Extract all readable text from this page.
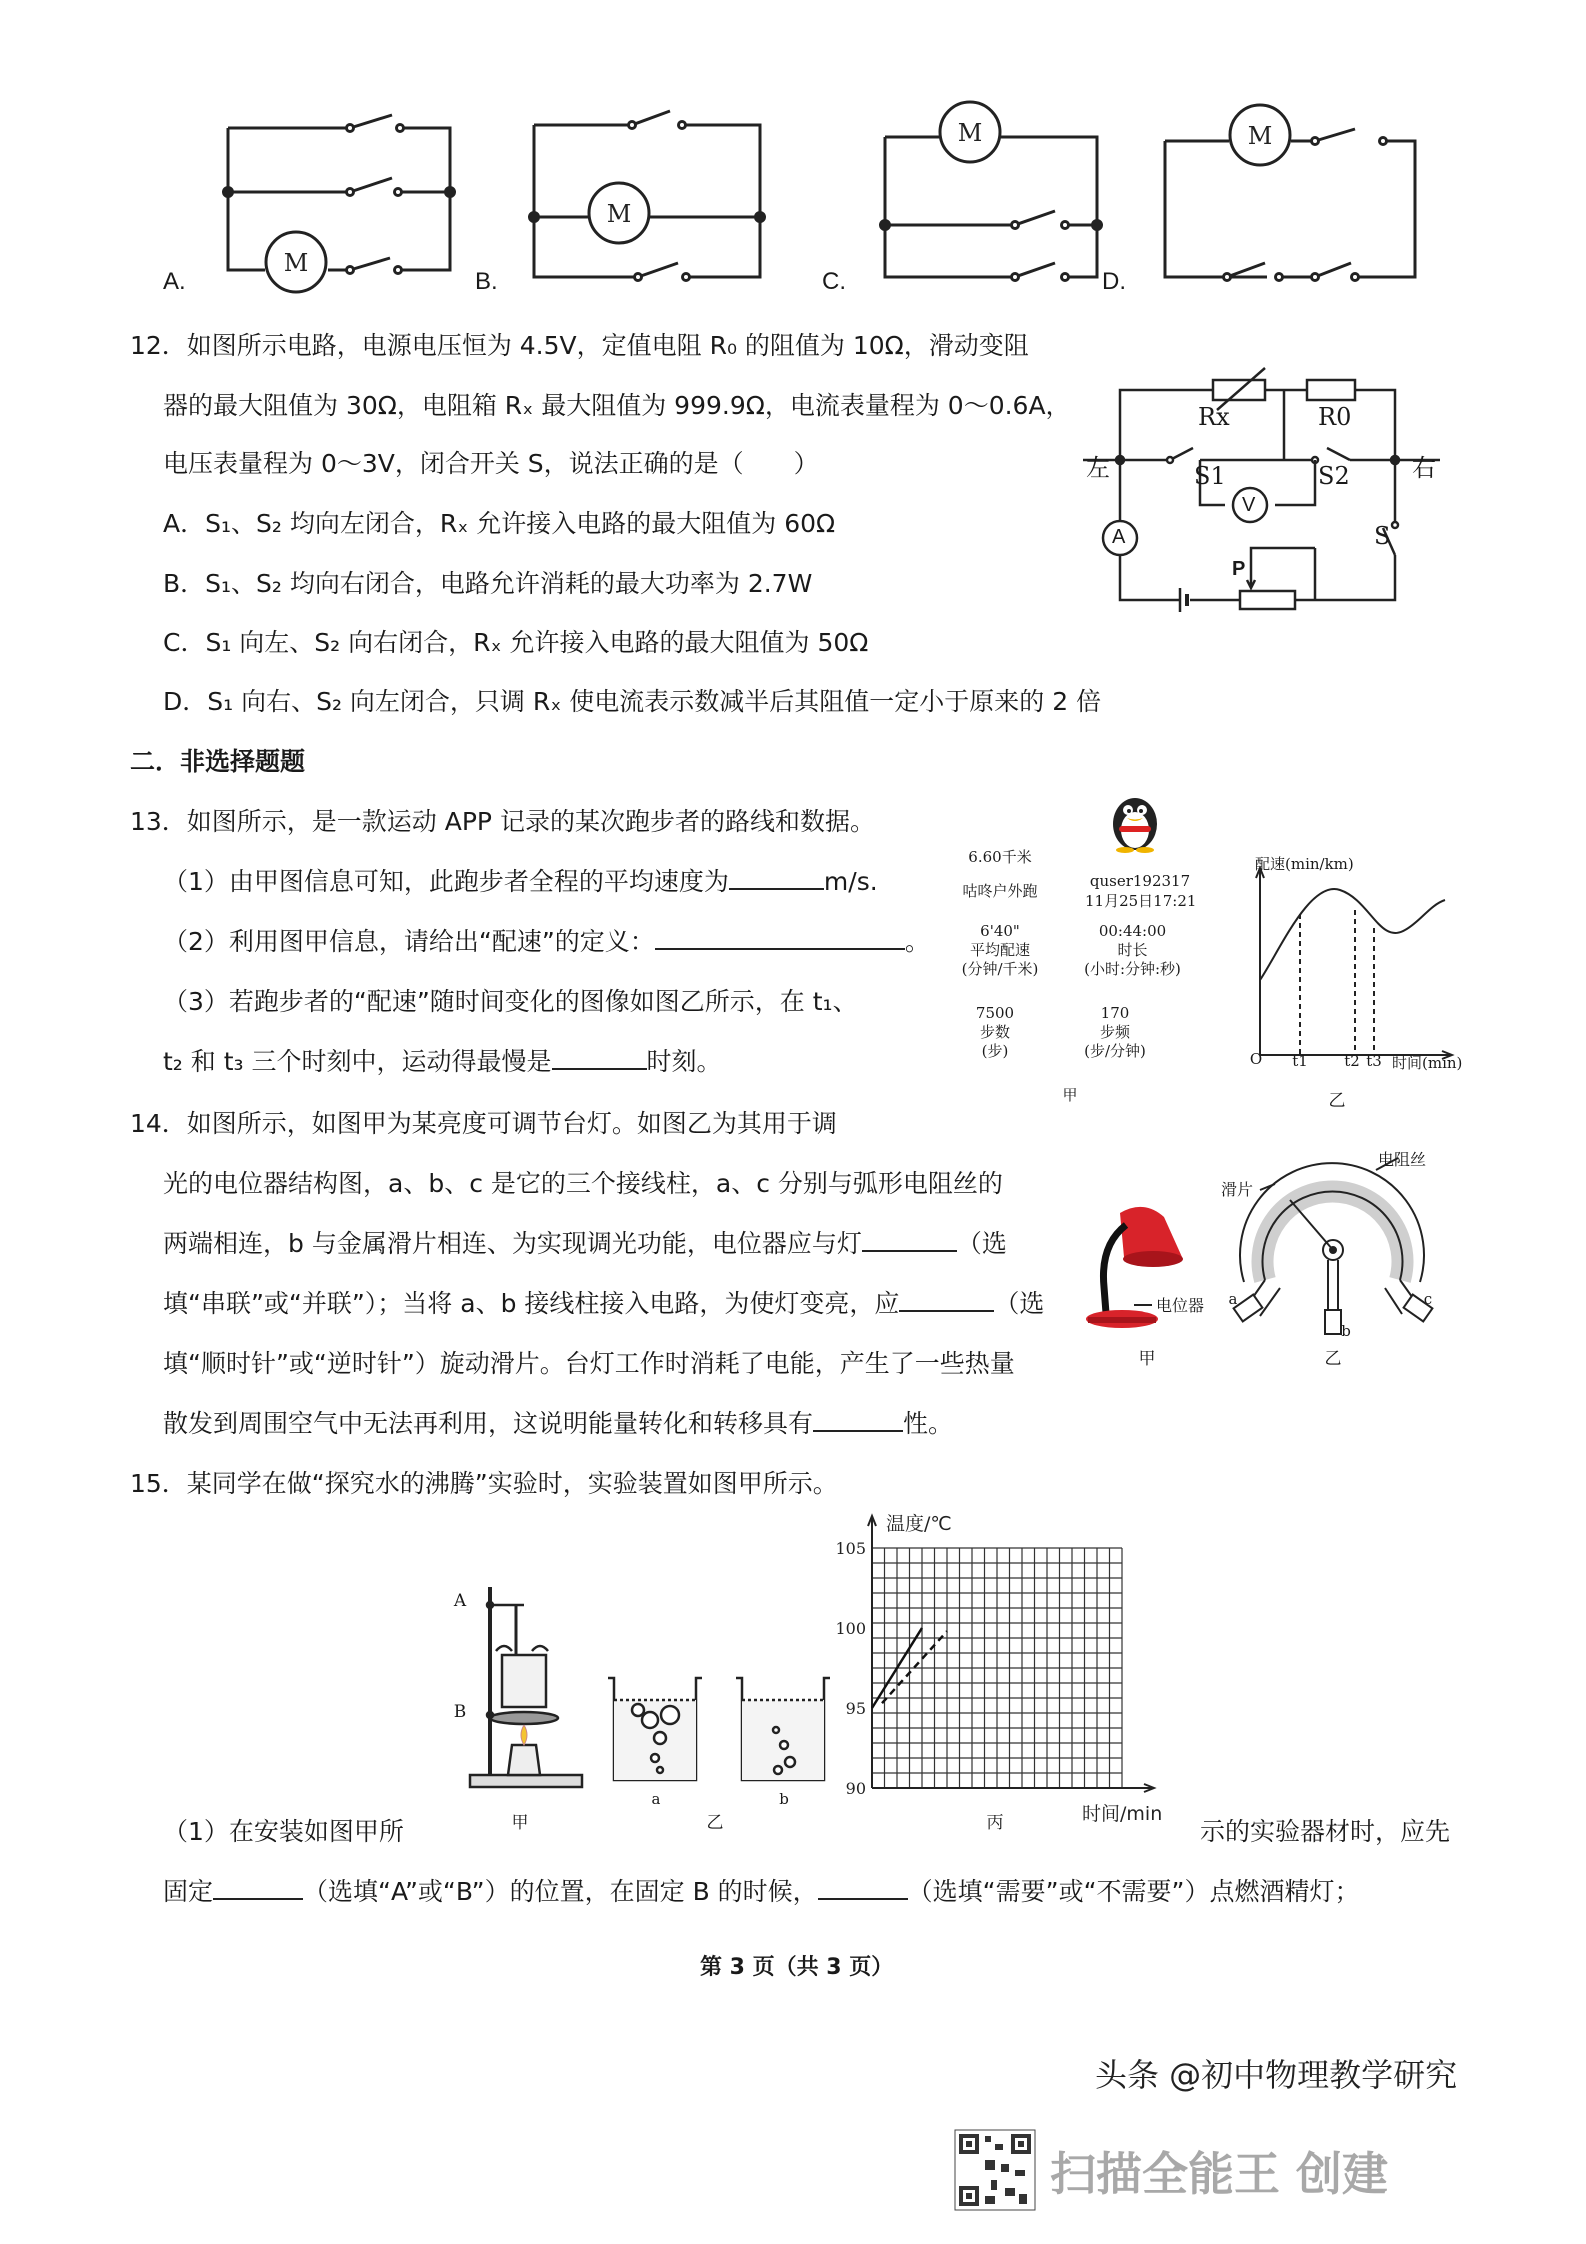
M
A.
M
B.
M
C.
M
D.
12．如图所示电路，电源电压恒为 4.5V，定值电阻 R₀ 的阻值为 10Ω，滑动变阻
器的最大阻值为 30Ω，电阻箱 Rₓ 最大阻值为 999.9Ω，电流表量程为 0～0.6A，
电压表量程为 0～3V，闭合开关 S，说法正确的是（　　）
A．S₁、S₂ 均向左闭合，Rₓ 允许接入电路的最大阻值为 60Ω
B．S₁、S₂ 均向右闭合，电路允许消耗的最大功率为 2.7W
C．S₁ 向左、S₂ 向右闭合，Rₓ 允许接入电路的最大阻值为 50Ω
D．S₁ 向右、S₂ 向左闭合，只调 Rₓ 使电流表示数减半后其阻值一定小于原来的 2 倍
Rx	R0
左	右
S1	S2
A
V
S
P
二．非选择题题
13．如图所示，是一款运动 APP 记录的某次跑步者的路线和数据。
（1）由甲图信息可知，此跑步者全程的平均速度为	m/s.
（2）利用图甲信息，请给出“配速”的定义：	。
（3）若跑步者的“配速”随时间变化的图像如图乙所示，在 t₁、
t₂ 和 t₃ 三个时刻中，运动得最慢是	时刻。
6.60千米
quser192317
咕咚户外跑
11月25日17:21
6'40"
平均配速
(分钟/千米)
00:44:00
时长
(小时:分钟:秒)
7500
步数
(步)
170
步频
(步/分钟)
甲
配速(min/km)
O t1 t2 t3 时间(min)
乙
14．如图所示，如图甲为某亮度可调节台灯。如图乙为其用于调
光的电位器结构图，a、b、c 是它的三个接线柱，a、c 分别与弧形电阻丝的
两端相连，b 与金属滑片相连、为实现调光功能，电位器应与灯	（选
填“串联”或“并联”）；当将 a、b 接线柱接入电路，为使灯变亮，应	（选
填“顺时针”或“逆时针”）旋动滑片。台灯工作时消耗了电能，产生了一些热量
散发到周围空气中无法再利用，这说明能量转化和转移具有	性。
电位器
甲
电阻丝
滑片
a
b
c
乙
15．某同学在做“探究水的沸腾”实验时，实验装置如图甲所示。
A
B
甲
a	b
乙
105
100
95
90
温度/℃
时间/min
丙
（1）在安装如图甲所	示的实验器材时，应先
固定	（选填“A”或“B”）的位置，在固定 B 的时候，	（选填“需要”或“不需要”）点燃酒精灯；
第 3 页（共 3 页）
头条 @初中物理教学研究
扫描全能王 创建
